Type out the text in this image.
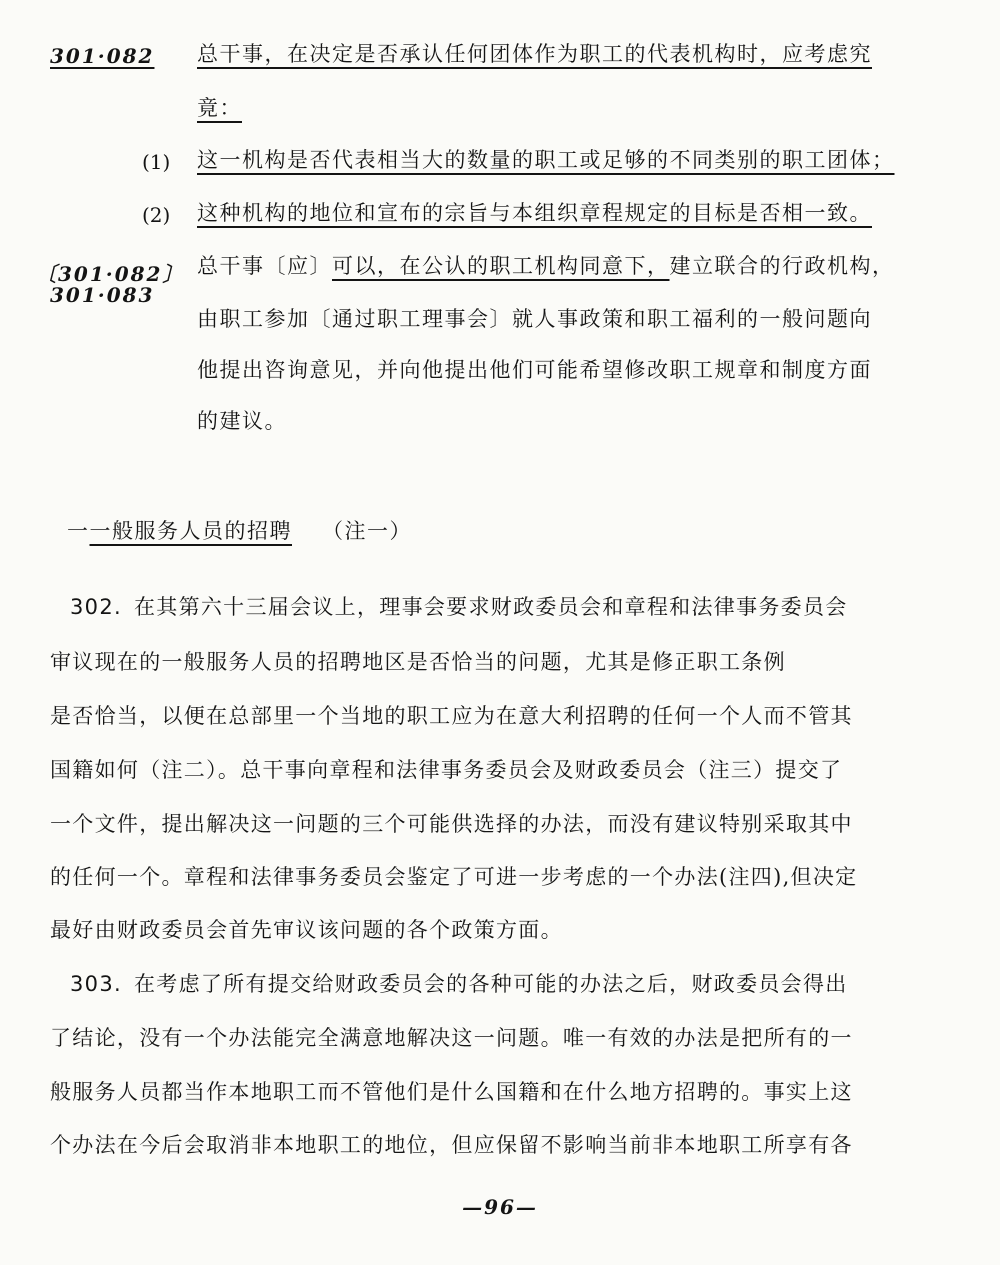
301·082	总干事，在决定是否承认任何团体作为职工的代表机构时，应考虑究
竟：
(1) 这一机构是否代表相当大的数量的职工或足够的不同类别的职工团体；
(2) 这种机构的地位和宣布的宗旨与本组织章程规定的目标是否相一致。
〔301·082〕
301·083
总干事〔应〕可以，在公认的职工机构同意下，建立联合的行政机构，
由职工参加〔通过职工理事会〕就人事政策和职工福利的一般问题向
他提出咨询意见，并向他提出他们可能希望修改职工规章和制度方面
的建议。
一一般服务人员的招聘 （注一）
302. 在其第六十三届会议上，理事会要求财政委员会和章程和法律事务委员会
审议现在的一般服务人员的招聘地区是否恰当的问题，尤其是修正职工条例
是否恰当，以便在总部里一个当地的职工应为在意大利招聘的任何一个人而不管其
国籍如何（注二）。总干事向章程和法律事务委员会及财政委员会（注三）提交了
一个文件，提出解决这一问题的三个可能供选择的办法，而没有建议特别采取其中
的任何一个。章程和法律事务委员会鉴定了可进一步考虑的一个办法(注四),但决定
最好由财政委员会首先审议该问题的各个政策方面。
303. 在考虑了所有提交给财政委员会的各种可能的办法之后，财政委员会得出
了结论，没有一个办法能完全满意地解决这一问题。唯一有效的办法是把所有的一
般服务人员都当作本地职工而不管他们是什么国籍和在什么地方招聘的。事实上这
个办法在今后会取消非本地职工的地位，但应保留不影响当前非本地职工所享有各
—96—
